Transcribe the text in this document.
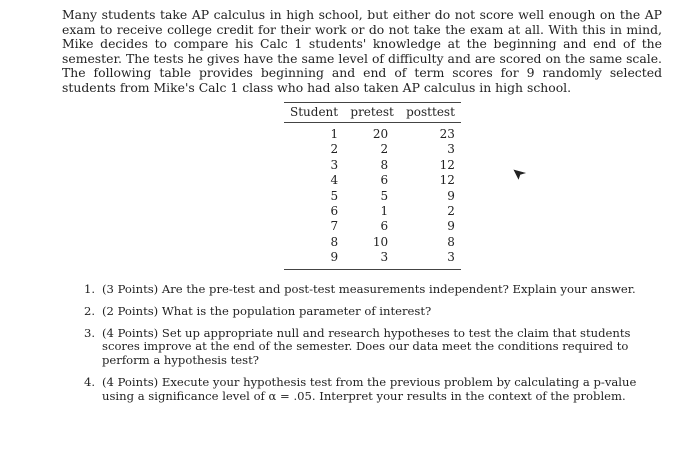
Many students take AP calculus in high school, but either do not score well enough on the AP exam to receive college credit for their work or do not take the exam at all. With this in mind, Mike decides to compare his Calc 1 students' knowledge at the beginning and end of the semester. The tests he gives have the same level of difficulty and are scored on the same scale. The following table provides beginning and end of term scores for 9 randomly selected students from Mike's Calc 1 class who had also taken AP calculus in high school.
Student	pretest	posttest
1	20	23
2	2	3
3	8	12
4	6	12
5	5	9
6	1	2
7	6	9
8	10	8
9	3	3
1. (3 Points) Are the pre-test and post-test measurements independent? Explain your answer.
2. (2 Points) What is the population parameter of interest?
3. (4 Points) Set up appropriate null and research hypotheses to test the claim that students scores improve at the end of the semester. Does our data meet the conditions required to perform a hypothesis test?
4. (4 Points) Execute your hypothesis test from the previous problem by calculating a p-value using a significance level of α = .05. Interpret your results in the context of the problem.
